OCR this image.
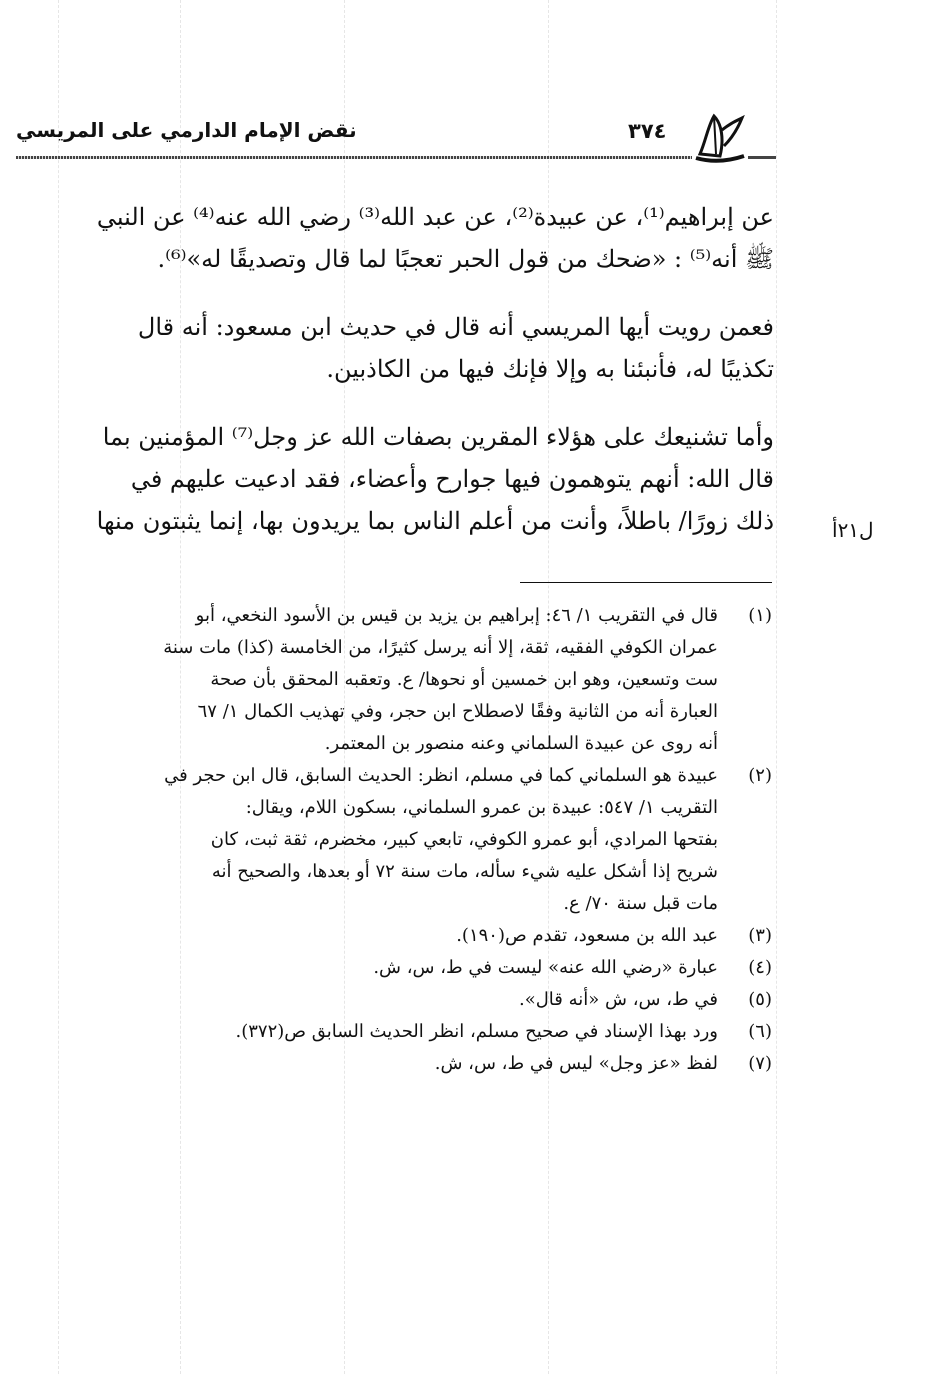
نقض الإمام الدارمي على المريسي	٣٧٤
عن إبراهيم⁽¹⁾، عن عبيدة⁽²⁾، عن عبد الله⁽³⁾ رضي الله عنه⁽⁴⁾ عن النبي
ﷺ أنه⁽⁵⁾ : «ضحك من قول الحبر تعجبًا لما قال وتصديقًا له»⁽⁶⁾.
فعمن رويت أيها المريسي أنه قال في حديث ابن مسعود: أنه قال
تكذيبًا له، فأنبئنا به وإلا فإنك فيها من الكاذبين.
وأما تشنيعك على هؤلاء المقرين بصفات الله عز وجل⁽⁷⁾ المؤمنين بما
قال الله: أنهم يتوهمون فيها جوارح وأعضاء، فقد ادعيت عليهم في
ذلك زورًا/ باطلاً، وأنت من أعلم الناس بما يريدون بها، إنما يثبتون منها	ل٢١أ
(١)
قال في التقريب ١/ ٤٦: إبراهيم بن يزيد بن قيس بن الأسود النخعي، أبو
عمران الكوفي الفقيه، ثقة، إلا أنه يرسل كثيرًا، من الخامسة (كذا) مات سنة
ست وتسعين، وهو ابن خمسين أو نحوها/ ع. وتعقبه المحقق بأن صحة
العبارة أنه من الثانية وفقًا لاصطلاح ابن حجر، وفي تهذيب الكمال ١/ ٦٧
أنه روى عن عبيدة السلماني وعنه منصور بن المعتمر.
(٢)
عبيدة هو السلماني كما في مسلم، انظر: الحديث السابق، قال ابن حجر في
التقريب ١/ ٥٤٧: عبيدة بن عمرو السلماني، بسكون اللام، ويقال:
بفتحها المرادي، أبو عمرو الكوفي، تابعي كبير، مخضرم، ثقة ثبت، كان
شريح إذا أشكل عليه شيء سأله، مات سنة ٧٢ أو بعدها، والصحيح أنه
مات قبل سنة ٧٠/ ع.
(٣)
عبد الله بن مسعود، تقدم ص(١٩٠).
(٤)
عبارة «رضي الله عنه» ليست في ط، س، ش.
(٥)
في ط، س، ش «أنه قال».
(٦)
ورد بهذا الإسناد في صحيح مسلم، انظر الحديث السابق ص(٣٧٢).
(٧)
لفظ «عز وجل» ليس في ط، س، ش.
